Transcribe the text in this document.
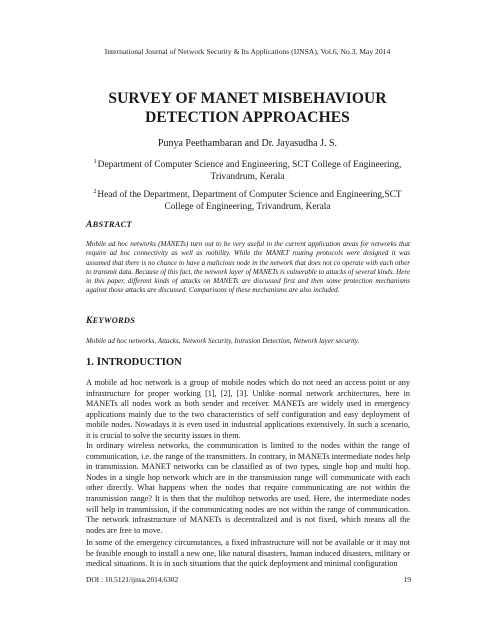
International Journal of Network Security & Its Applications (IJNSA), Vol.6, No.3, May 2014
SURVEY OF MANET MISBEHAVIOUR
DETECTION APPROACHES
Punya Peethambaran and Dr. Jayasudha J. S.
$^1$Department of Computer Science and Engineering, SCT College of Engineering,
Trivandrum, Kerala
$^2$Head of the Department, Department of Computer Science and Engineering,SCT
College of Engineering, Trivandrum, Kerala
ABSTRACT
Mobile ad hoc networks (MANETs) turn out to be very useful in the current application areas for networks that require ad hoc connectivity as well as mobility. While the MANET routing protocols were designed it was assumed that there is no chance to have a malicious node in the network that does not co operate with each other to transmit data. Because of this fact, the network layer of MANETs is vulnerable to attacks of several kinds. Here in this paper, different kinds of attacks on MANETs are discussed first and then some protection mechanisms against those attacks are discussed. Comparisons of these mechanisms are also included.
KEYWORDS
Mobile ad hoc networks, Attacks, Network Security, Intrusion Detection, Network layer security.
1. INTRODUCTION
A mobile ad hoc network is a group of mobile nodes which do not need an access point or any infrastructure for proper working [1], [2], [3]. Unlike normal network architectures, here in MANETs all nodes work as both sender and receiver. MANETs are widely used in emergency applications mainly due to the two characteristics of self configuration and easy deployment of mobile nodes. Nowadays it is even used in industrial applications extensively. In such a scenario, it is crucial to solve the security issues in them.
In ordinary wireless networks, the communication is limited to the nodes within the range of communication, i.e. the range of the transmitters. In contrary, in MANETs intermediate nodes help in transmission. MANET networks can be classified as of two types, single hop and multi hop. Nodes in a single hop network which are in the transmission range will communicate with each other directly. What happens when the nodes that require communicating are not within the transmission range? It is then that the multihop networks are used. Here, the intermediate nodes will help in transmission, if the communicating nodes are not within the range of communication. The network infrastructure of MANETs is decentralized and is not fixed, which means all the nodes are free to move.
In some of the emergency circumstances, a fixed infrastructure will not be available or it may not be feasible enough to install a new one, like natural disasters, human induced disasters, military or medical situations. It is in such situations that the quick deployment and minimal configuration
DOI : 10.5121/ijnsa.2014.6302	19
